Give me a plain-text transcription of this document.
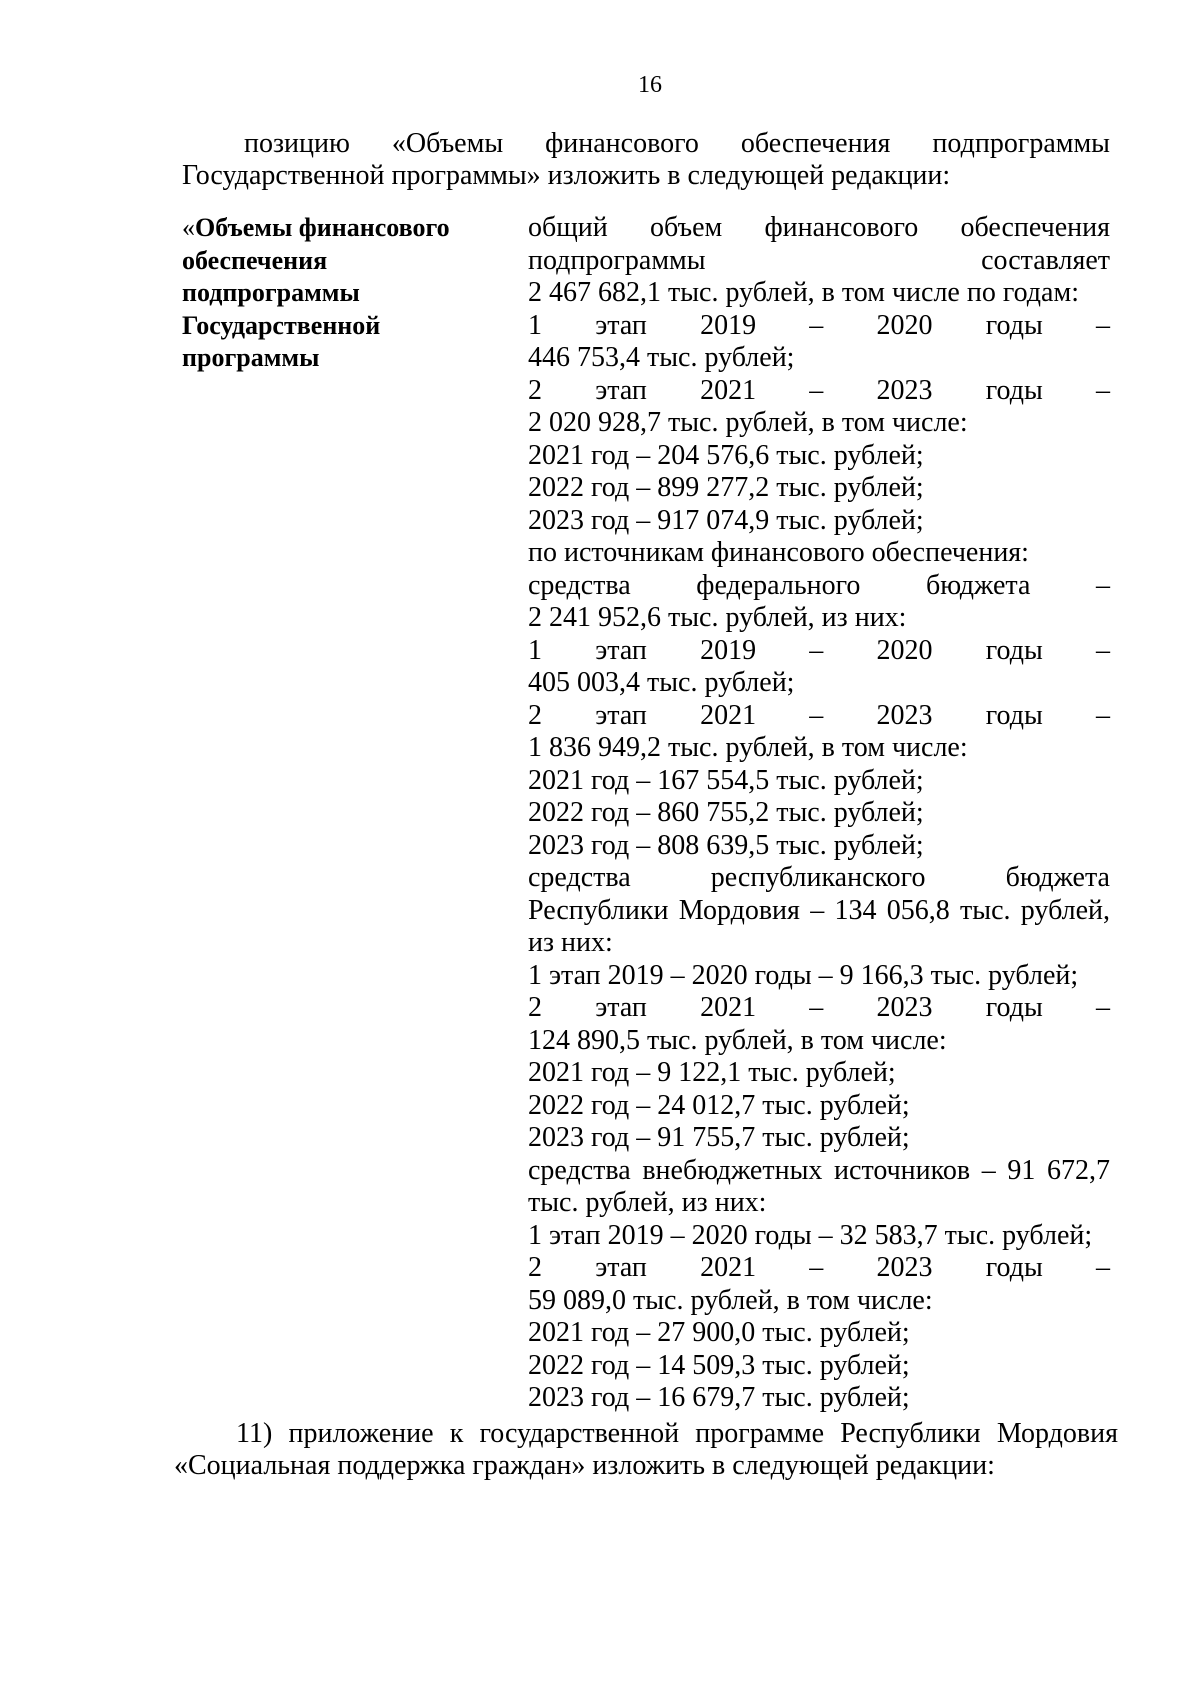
16
позицию «Объемы финансового обеспечения подпрограммы
Государственной программы» изложить в следующей редакции:
«Объемы финансового
обеспечения
подпрограммы
Государственной
программы
общий объем финансового обеспечения
подпрограммы составляет
2 467 682,1 тыс. рублей, в том числе по годам:
1 этап 2019 – 2020 годы –
446 753,4 тыс. рублей;
2 этап 2021 – 2023 годы –
2 020 928,7 тыс. рублей, в том числе:
2021 год – 204 576,6 тыс. рублей;
2022 год – 899 277,2 тыс. рублей;
2023 год – 917 074,9 тыс. рублей;
по источникам финансового обеспечения:
средства федерального бюджета –
2 241 952,6 тыс. рублей, из них:
1 этап 2019 – 2020 годы –
405 003,4 тыс. рублей;
2 этап 2021 – 2023 годы –
1 836 949,2 тыс. рублей, в том числе:
2021 год – 167 554,5 тыс. рублей;
2022 год – 860 755,2 тыс. рублей;
2023 год – 808 639,5 тыс. рублей;
средства республиканского бюджета
Республики Мордовия – 134 056,8 тыс. рублей,
из них:
1 этап 2019 – 2020 годы – 9 166,3 тыс. рублей;
2 этап 2021 – 2023 годы –
124 890,5 тыс. рублей, в том числе:
2021 год – 9 122,1 тыс. рублей;
2022 год – 24 012,7 тыс. рублей;
2023 год – 91 755,7 тыс. рублей;
средства внебюджетных источников – 91 672,7
тыс. рублей, из них:
1 этап 2019 – 2020 годы – 32 583,7 тыс. рублей;
2 этап 2021 – 2023 годы –
59 089,0 тыс. рублей, в том числе:
2021 год – 27 900,0 тыс. рублей;
2022 год – 14 509,3 тыс. рублей;
2023 год – 16 679,7 тыс. рублей;
11) приложение к государственной программе Республики Мордовия
«Социальная поддержка граждан» изложить в следующей редакции:
